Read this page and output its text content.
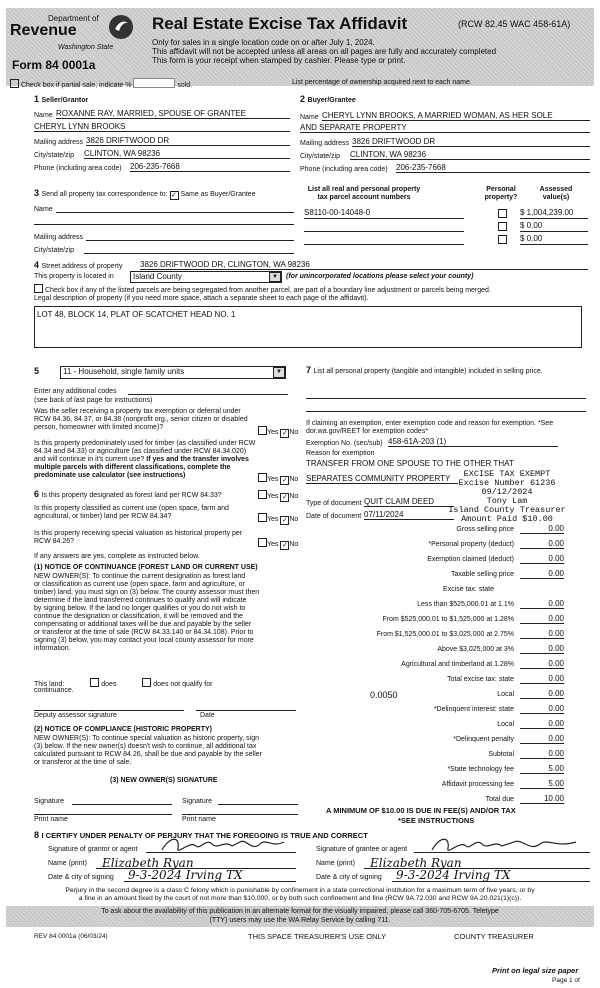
Department of
Revenue
Washington State
Form 84 0001a
Real Estate Excise Tax Affidavit	(RCW 82.45 WAC 458-61A)
Only for sales in a single location code on or after July 1, 2024.
This affidavit will not be accepted unless all areas on all pages are fully and accurately completed
This form is your receipt when stamped by cashier. Please type or print.
Check box if partial sale, indicate %	sold.	List percentage of ownership acquired next to each name.
1 Seller/Grantor
Name ROXANNE RAY, MARRIED, SPOUSE OF GRANTEE
CHERYL LYNN BROOKS
Mailing address 3826 DRIFTWOOD DR
City/state/zip CLINTON, WA 98236
Phone (including area code) 206-235-7668
2 Buyer/Grantee
Name CHERYL LYNN BROOKS, A MARRIED WOMAN, AS HER SOLE
AND SEPARATE PROPERTY
Mailing address 3826 DRIFTWOOD DR
City/state/zip CLINTON, WA 98236
Phone (including area code) 206-235-7668
3 Send all property tax correspondence to: ✓ Same as Buyer/Grantee
Name
Mailing address
City/state/zip
List all real and personal property tax parcel account numbers
Personal property?
Assessed value(s)
S8110-00-14048-0	$ 1,004,239.00
$ 0.00
$ 0.00
4 Street address of property 3826 DRIFTWOOD DR, CLINGTON, WA 98236
This property is located in	Island County	▼	(for unincorporated locations please select your county)
Check box if any of the listed parcels are being segregated from another parcel, are part of a boundary line adjustment or parcels being merged.
Legal description of property (if you need more space, attach a separate sheet to each page of the affidavit).
LOT 48, BLOCK 14, PLAT OF SCATCHET HEAD NO. 1
5	11 - Household, single family units	▼
Enter any additional codes
(see back of last page for instructions)
Was the seller receiving a property tax exemption or deferral under RCW 84.36, 84.37, or 84.38 (nonprofit org., senior citizen or disabled person, homeowner with limited income)?
Yes ✓ No
Is this property predominately used for timber (as classified under RCW 84.34 and 84.33) or agriculture (as classified under RCW 84.34.020) and will continue in it's current use? If yes and the transfer involves multiple parcels with different classifications, complete the predominate use calculator (see instructions)
Yes ✓ No
6 Is this property designated as forest land per RCW 84.33?	Yes ✓ No
Is this property classified as current use (open space, farm and agricultural, or timber) land per RCW 84.34?	Yes ✓ No
Is this property receiving special valuation as historical property per RCW 84.26?	Yes ✓ No
If any answers are yes, complete as instructed below.
(1) NOTICE OF CONTINUANCE (FOREST LAND OR CURRENT USE)
NEW OWNER(S): To continue the current designation as forest land
or classification as current use (open space, farm and agriculture, or
timber) land, you must sign on (3) below. The county assessor must then
determine if the land transferred continues to qualify and will indicate
by signing below. If the land no longer qualifies or you do not wish to
continue the designation or classification, it will be removed and the
compensating or additional taxes will be due and payable by the seller
or transferor at the time of sale (RCW 84.33.140 or 84.34.108). Prior to
signing (3) below, you may contact your local county assessor for more
information.
This land:	does	does not qualify for
continuance.
Deputy assessor signature	Date
(2) NOTICE OF COMPLIANCE (HISTORIC PROPERTY)
NEW OWNER(S): To continue special valuation as historic property, sign
(3) below. If the new owner(s) doesn't wish to continue, all additional tax
calculated pursuant to RCW 84.26, shall be due and payable by the seller
or transferor at the time of sale.
(3) NEW OWNER(S) SIGNATURE
Signature	Signature
Print name	Print name
7 List all personal property (tangible and intangible) included in selling price.
If claiming an exemption, enter exemption code and reason for exemption. *See dor.wa.gov/REET for exemption codes*
Exemption No. (sec/sub) 458-61A-203 (1)
Reason for exemption
TRANSFER FROM ONE SPOUSE TO THE OTHER THAT
SEPARATES COMMUNITY PROPERTY
Type of document QUIT CLAIM DEED
Date of document 07/11/2024
EXCISE TAX EXEMPT
Excise Number 61236
09/12/2024
Tony Lam
Island County Treasurer
Amount Paid $10.00
Gross selling price	0.00
*Personal property (deduct)	0.00
Exemption claimed (deduct)	0.00
Taxable selling price	0.00
Excise tax: state
Less than $525,000.01 at 1.1%	0.00
From $525,000.01 to $1,525,000 at 1.28%	0.00
From $1,525,000.01 to $3,025,000 at 2.75%	0.00
Above $3,025,000 at 3%	0.00
Agricultural and timberland at 1.28%	0.00
Total excise tax: state	0.00
0.0050	Local	0.00
*Delinquent interest: state	0.00
Local	0.00
*Delinquent penalty	0.00
Subtotal	0.00
*State technology fee	5.00
Affidavit processing fee	5.00
Total due	10.00
A MINIMUM OF $10.00 IS DUE IN FEE(S) AND/OR TAX
*SEE INSTRUCTIONS
8 I CERTIFY UNDER PENALTY OF PERJURY THAT THE FOREGOING IS TRUE AND CORRECT
Signature of grantor or agent
Name (print)	Elizabeth Ryan
Date & city of signing	9-3-2024 Irving TX
Signature of grantee or agent
Name (print)	Elizabeth Ryan
Date & city of signing	9-3-2024 Irving TX
Perjury in the second degree is a class C felony which is punishable by confinement in a state correctional institution for a maximum term of five years, or by
a fine in an amount fixed by the court of not more than $10,000, or by both such confinement and fine (RCW 9A.72.030 and RCW 9A.20.021(1)(c)).
To ask about the availability of this publication in an alternate format for the visually impaired, please call 360-705-6705. Teletype
(TTY) users may use the WA Relay Service by calling 711.
REV 84 0001a (06/03/24)	THIS SPACE TREASURER'S USE ONLY	COUNTY TREASURER
Print on legal size paper
Page 1 of
